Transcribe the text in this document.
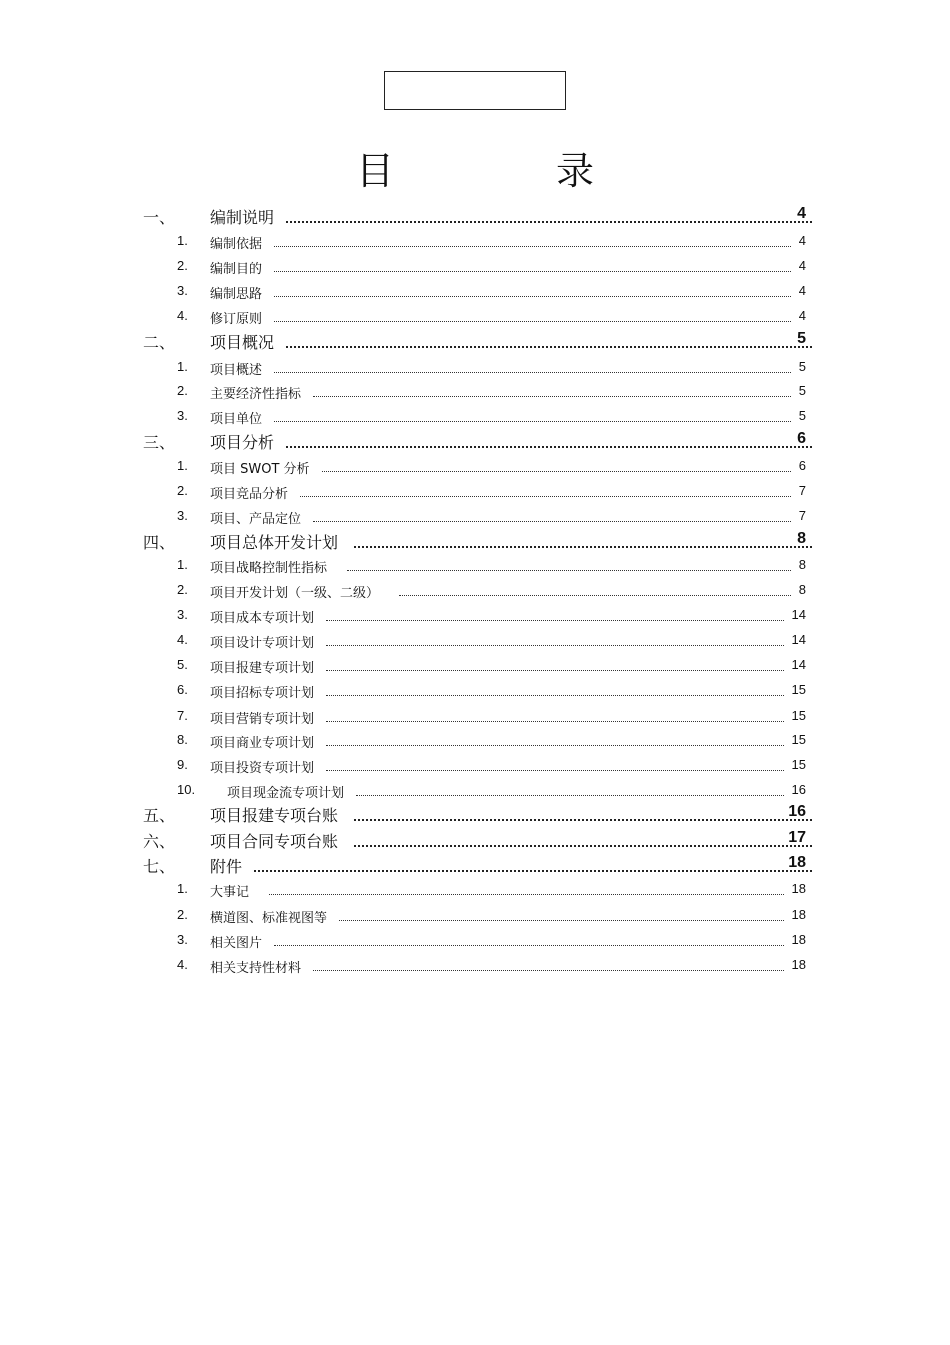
目　录
一、 编制说明	4
1. 编制依据	4
2. 编制目的	4
3. 编制思路	4
4. 修订原则	4
二、 项目概况	5
1. 项目概述	5
2. 主要经济性指标	5
3. 项目单位	5
三、 项目分析	6
1. 项目 SWOT 分析	6
2. 项目竞品分析	7
3. 项目、产品定位	7
四、 项目总体开发计划	8
1. 项目战略控制性指标	8
2. 项目开发计划（一级、二级）	8
3. 项目成本专项计划	14
4. 项目设计专项计划	14
5. 项目报建专项计划	14
6. 项目招标专项计划	15
7. 项目营销专项计划	15
8. 项目商业专项计划	15
9. 项目投资专项计划	15
10. 项目现金流专项计划	16
五、 项目报建专项台账	16
六、 项目合同专项台账	17
七、 附件	18
1. 大事记	18
2. 横道图、标准视图等	18
3. 相关图片	18
4. 相关支持性材料	18
